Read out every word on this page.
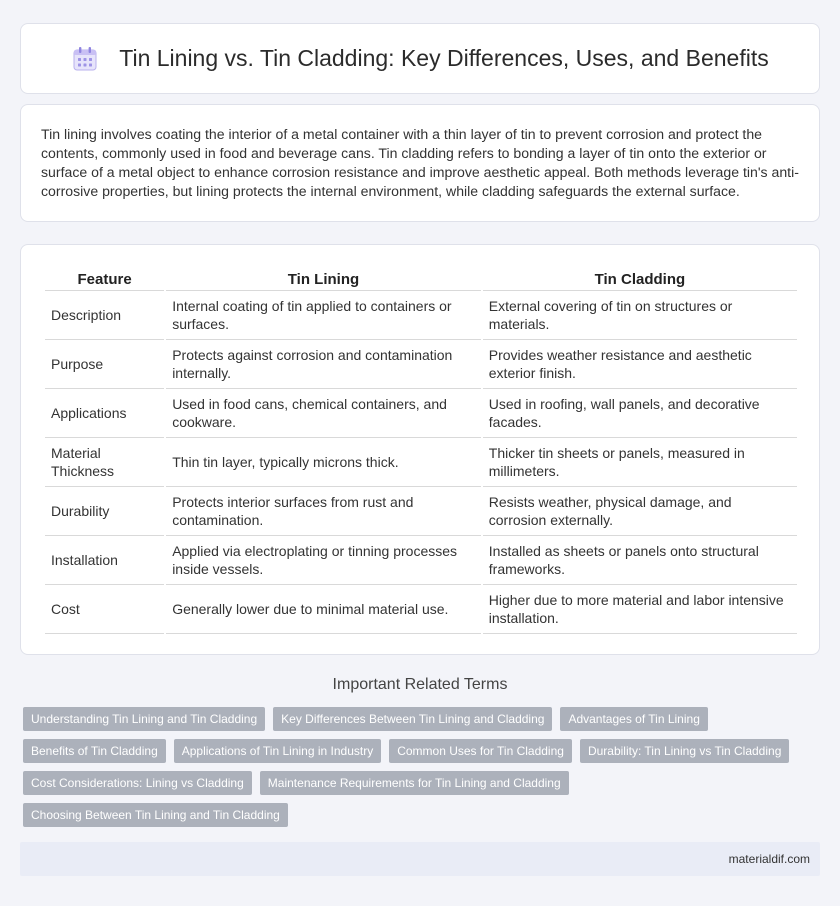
Tin Lining vs. Tin Cladding: Key Differences, Uses, and Benefits

Tin lining involves coating the interior of a metal container with a thin layer of tin to prevent corrosion and protect the contents, commonly used in food and beverage cans. Tin cladding refers to bonding a layer of tin onto the exterior or surface of a metal object to enhance corrosion resistance and improve aesthetic appeal. Both methods leverage tin's anti-corrosive properties, but lining protects the internal environment, while cladding safeguards the external surface.

Feature	Tin Lining	Tin Cladding
Description	Internal coating of tin applied to containers or surfaces.	External covering of tin on structures or materials.
Purpose	Protects against corrosion and contamination internally.	Provides weather resistance and aesthetic exterior finish.
Applications	Used in food cans, chemical containers, and cookware.	Used in roofing, wall panels, and decorative facades.
Material Thickness	Thin tin layer, typically microns thick.	Thicker tin sheets or panels, measured in millimeters.
Durability	Protects interior surfaces from rust and contamination.	Resists weather, physical damage, and corrosion externally.
Installation	Applied via electroplating or tinning processes inside vessels.	Installed as sheets or panels onto structural frameworks.
Cost	Generally lower due to minimal material use.	Higher due to more material and labor intensive installation.
Important Related Terms
Understanding Tin Lining and Tin Cladding	Key Differences Between Tin Lining and Cladding	Advantages of Tin Lining
Benefits of Tin Cladding	Applications of Tin Lining in Industry	Common Uses for Tin Cladding	Durability: Tin Lining vs Tin Cladding
Cost Considerations: Lining vs Cladding	Maintenance Requirements for Tin Lining and Cladding
Choosing Between Tin Lining and Tin Cladding
materialdif.com
